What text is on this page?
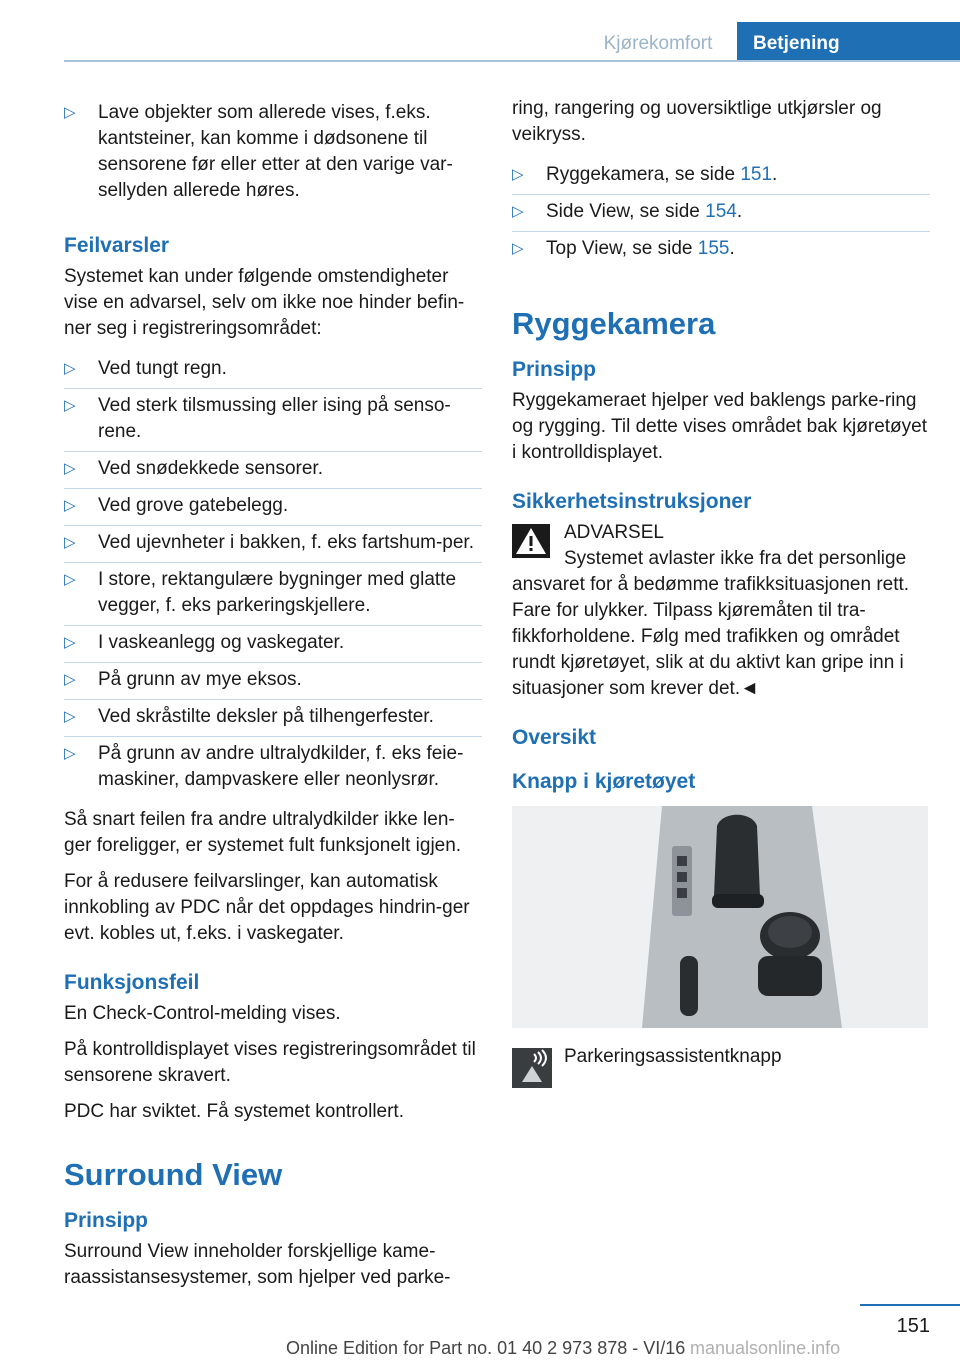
Kjørekomfort	Betjening
▷ Lave objekter som allerede vises, f.eks. kantsteiner, kan komme i dødsonene til sensorene før eller etter at den varige var-sellyden allerede høres.
Feilvarsler

Systemet kan under følgende omstendigheter vise en advarsel, selv om ikke noe hinder befin-ner seg i registreringsområdet:

▷ Ved tungt regn.
▷ Ved sterk tilsmussing eller ising på senso-rene.
▷ Ved snødekkede sensorer.
▷ Ved grove gatebelegg.
▷ Ved ujevnheter i bakken, f. eks fartshum-per.
▷ I store, rektangulære bygninger med glatte vegger, f. eks parkeringskjellere.
▷ I vaskeanlegg og vaskegater.
▷ På grunn av mye eksos.
▷ Ved skråstilte deksler på tilhengerfester.
▷ På grunn av andre ultralydkilder, f. eks feie-maskiner, dampvaskere eller neonlysrør.

Så snart feilen fra andre ultralydkilder ikke len-ger foreligger, er systemet fult funksjonelt igjen.

For å redusere feilvarslinger, kan automatisk innkobling av PDC når det oppdages hindrin-ger evt. kobles ut, f.eks. i vaskegater.

Funksjonsfeil

En Check-Control-melding vises.

På kontrolldisplayet vises registreringsområdet til sensorene skravert.

PDC har sviktet. Få systemet kontrollert.

Surround View
Prinsipp

Surround View inneholder forskjellige kame-raassistansesystemer, som hjelper ved parke-

ring, rangering og uoversiktlige utkjørsler og veikryss.

▷ Ryggekamera, se side 151.
▷ Side View, se side 154.
▷ Top View, se side 155.
Ryggekamera
Prinsipp

Ryggekameraet hjelper ved baklengs parke-ring og rygging. Til dette vises området bak kjøretøyet i kontrolldisplayet.

Sikkerhetsinstruksjoner
ADVARSEL
Systemet avlaster ikke fra det personlige

ansvaret for å bedømme trafikksituasjonen rett. Fare for ulykker. Tilpass kjøremåten til tra-fikkforholdene. Følg med trafikken og området rundt kjøretøyet, slik at du aktivt kan gripe inn i situasjoner som krever det.◄

Oversikt
Knapp i kjøretøyet
Parkeringsassistentknapp
151
Online Edition for Part no. 01 40 2 973 878 - VI/16 manualsonline.info
